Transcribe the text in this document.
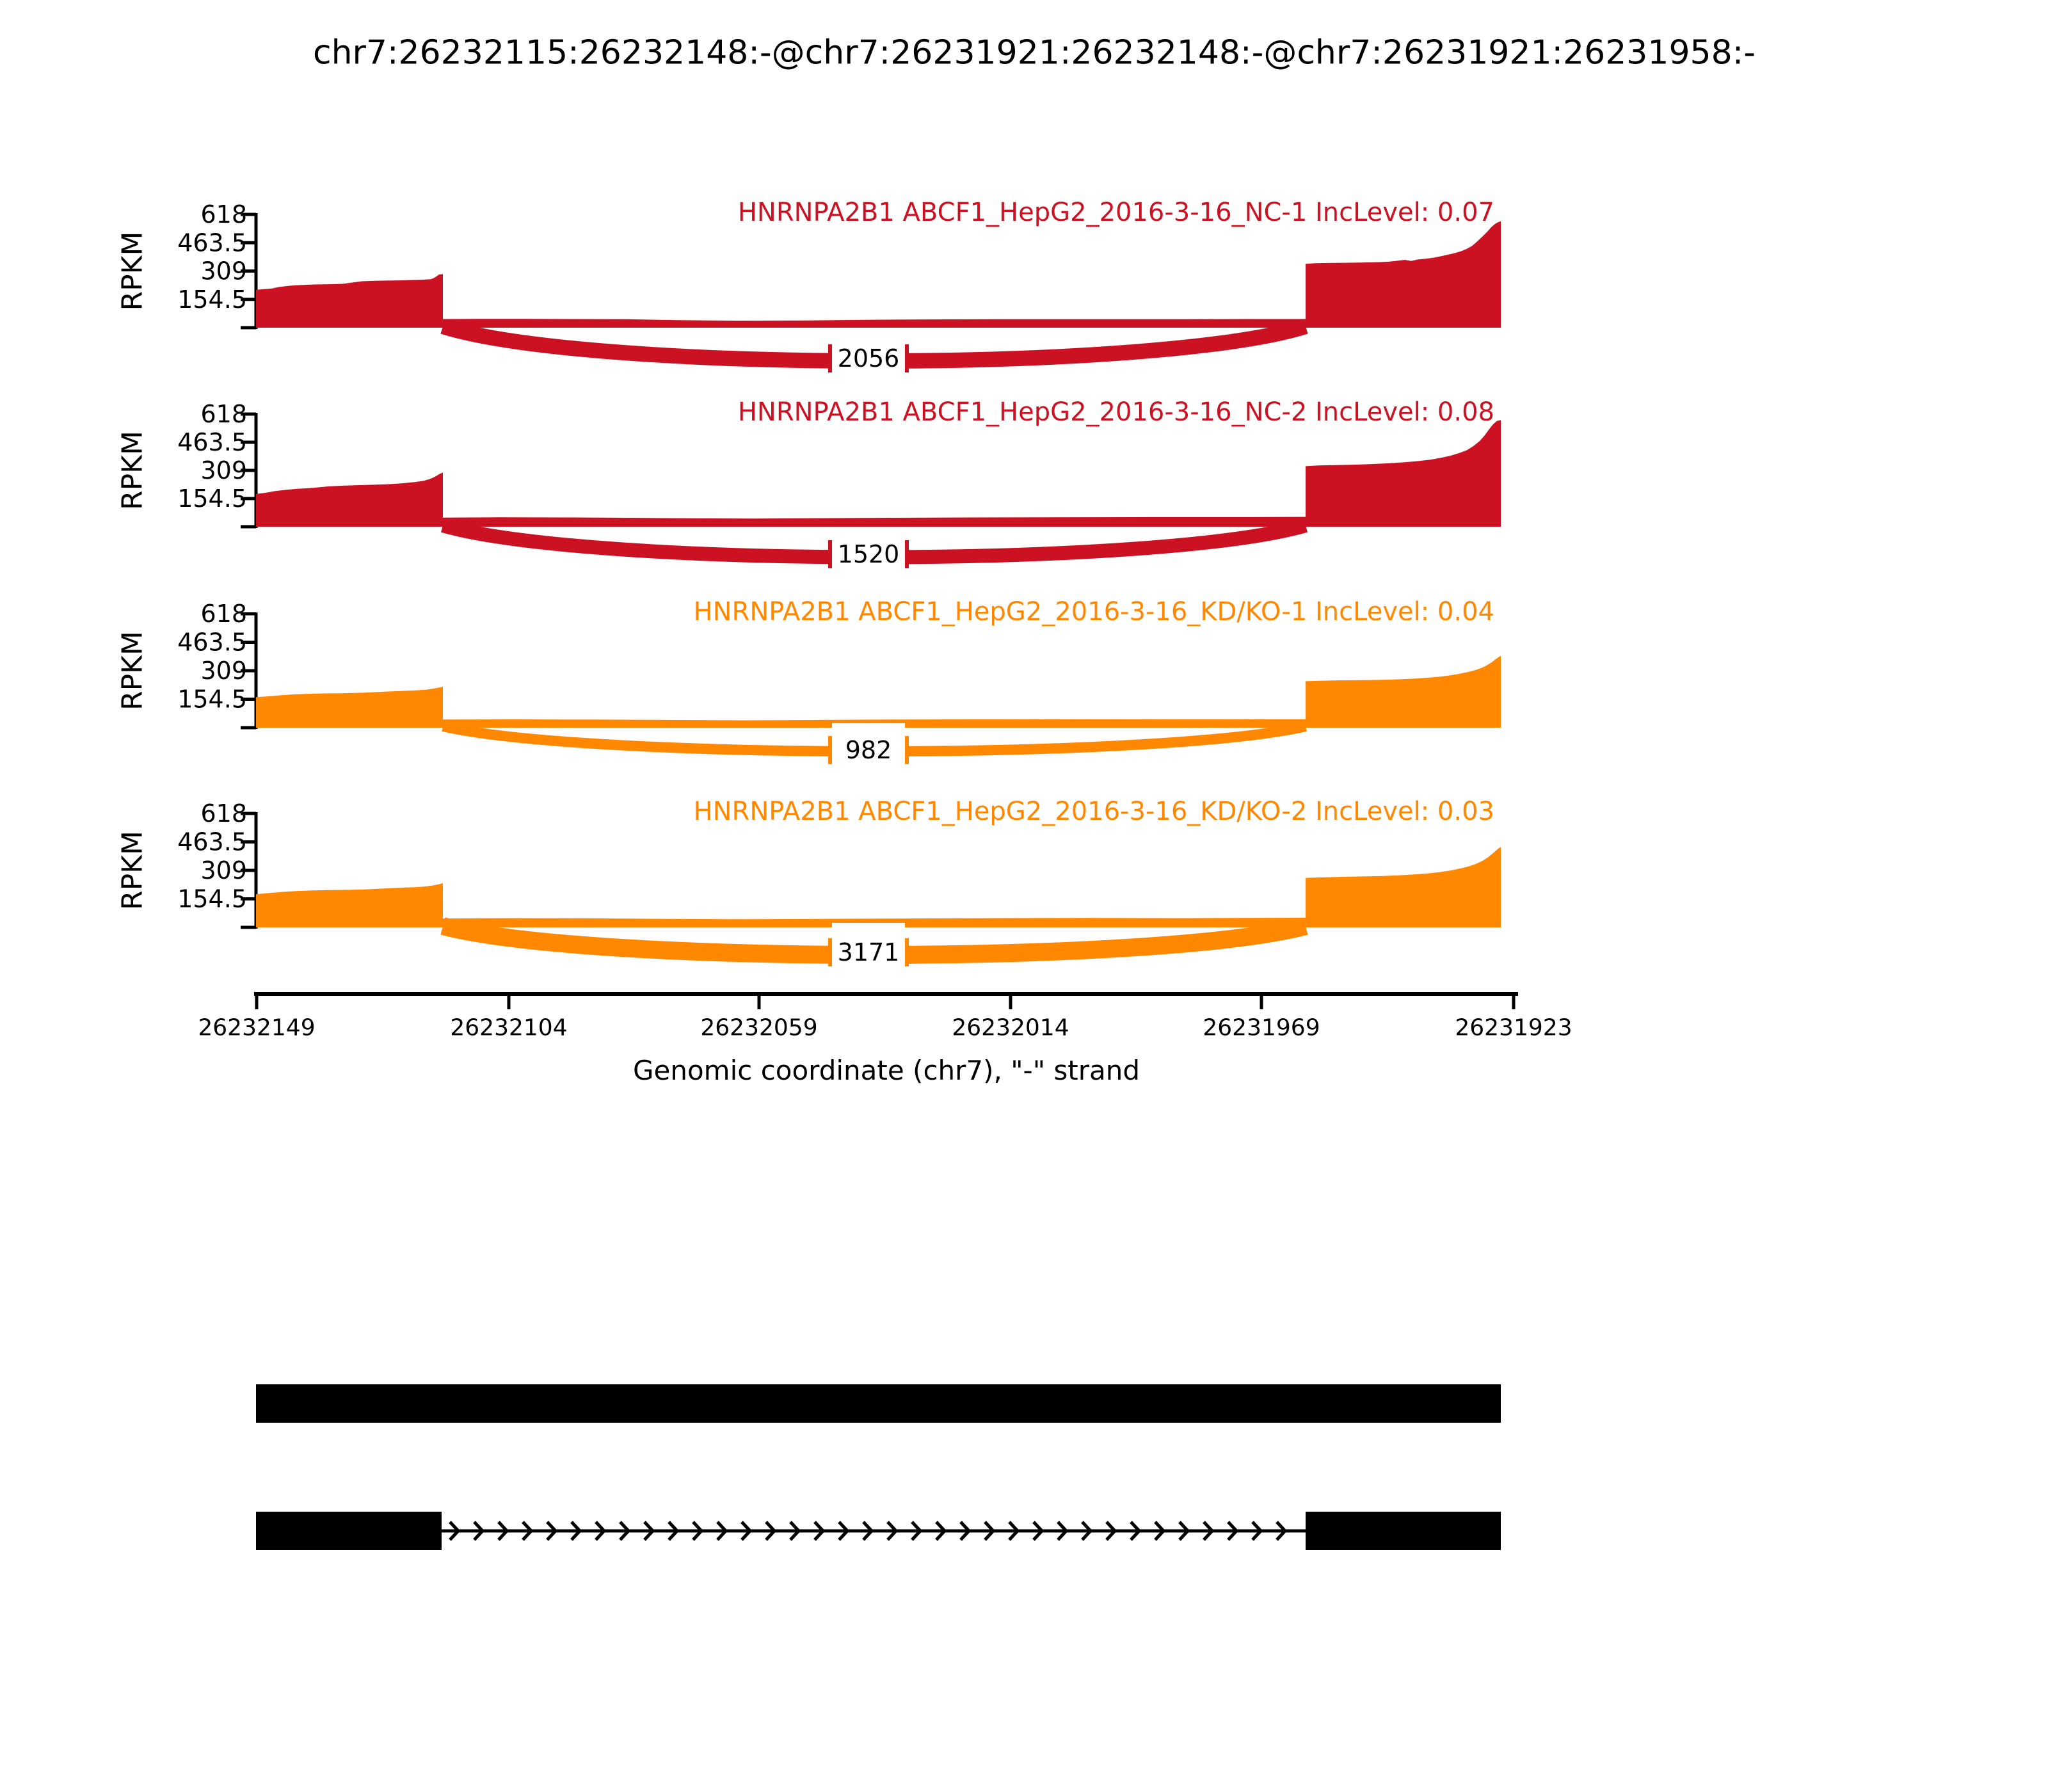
chr7:26232115:26232148:-@chr7:26231921:26232148:-@chr7:26231921:26231958:-
618
463.5
309
154.5
RPKM
HNRNPA2B1 ABCF1_HepG2_2016-3-16_NC-1 IncLevel: 0.07
2056
618
463.5
309
154.5
RPKM
HNRNPA2B1 ABCF1_HepG2_2016-3-16_NC-2 IncLevel: 0.08
1520
618
463.5
309
154.5
RPKM
HNRNPA2B1 ABCF1_HepG2_2016-3-16_KD/KO-1 IncLevel: 0.04
982
618
463.5
309
154.5
RPKM
HNRNPA2B1 ABCF1_HepG2_2016-3-16_KD/KO-2 IncLevel: 0.03
3171
26232149	26232104	26232059	26232014	26231969	26231923
Genomic coordinate (chr7), "-" strand
